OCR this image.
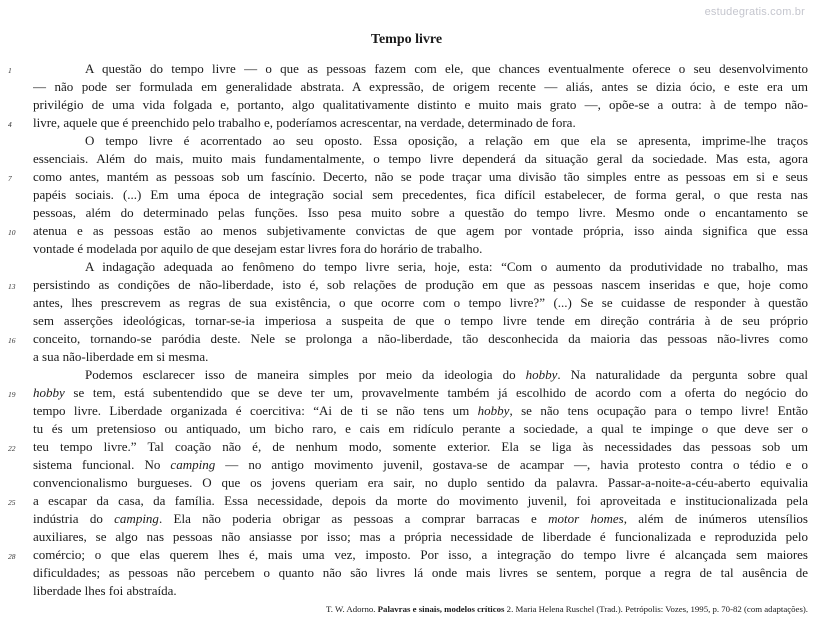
estudegratis.com.br
Tempo livre
1	A questão do tempo livre — o que as pessoas fazem com ele, que chances eventualmente oferece o seu desenvolvimento
— não pode ser formulada em generalidade abstrata. A expressão, de origem recente — aliás, antes se dizia ócio, e este era um
privilégio de uma vida folgada e, portanto, algo qualitativamente distinto e muito mais grato —, opõe-se a outra: à de tempo não-
4	livre, aquele que é preenchido pelo trabalho e, poderíamos acrescentar, na verdade, determinado de fora.
O tempo livre é acorrentado ao seu oposto. Essa oposição, a relação em que ela se apresenta, imprime-lhe traços
essenciais. Além do mais, muito mais fundamentalmente, o tempo livre dependerá da situação geral da sociedade. Mas esta, agora
7	como antes, mantém as pessoas sob um fascínio. Decerto, não se pode traçar uma divisão tão simples entre as pessoas em si e seus
papéis sociais. (...) Em uma época de integração social sem precedentes, fica difícil estabelecer, de forma geral, o que resta nas
pessoas, além do determinado pelas funções. Isso pesa muito sobre a questão do tempo livre. Mesmo onde o encantamento se
10	atenua e as pessoas estão ao menos subjetivamente convictas de que agem por vontade própria, isso ainda significa que essa
vontade é modelada por aquilo de que desejam estar livres fora do horário de trabalho.
A indagação adequada ao fenômeno do tempo livre seria, hoje, esta: “Com o aumento da produtividade no trabalho, mas
13	persistindo as condições de não-liberdade, isto é, sob relações de produção em que as pessoas nascem inseridas e que, hoje como
antes, lhes prescrevem as regras de sua existência, o que ocorre com o tempo livre?” (...) Se se cuidasse de responder à questão
sem asserções ideológicas, tornar-se-ia imperiosa a suspeita de que o tempo livre tende em direção contrária à de seu próprio
16	conceito, tornando-se paródia deste. Nele se prolonga a não-liberdade, tão desconhecida da maioria das pessoas não-livres como
a sua não-liberdade em si mesma.
Podemos esclarecer isso de maneira simples por meio da ideologia do hobby. Na naturalidade da pergunta sobre qual
19	hobby se tem, está subentendido que se deve ter um, provavelmente também já escolhido de acordo com a oferta do negócio do
tempo livre. Liberdade organizada é coercitiva: “Ai de ti se não tens um hobby, se não tens ocupação para o tempo livre! Então
tu és um pretensioso ou antiquado, um bicho raro, e cais em ridículo perante a sociedade, a qual te impinge o que deve ser o
22	teu tempo livre.” Tal coação não é, de nenhum modo, somente exterior. Ela se liga às necessidades das pessoas sob um
sistema funcional. No camping — no antigo movimento juvenil, gostava-se de acampar —, havia protesto contra o tédio e o
convencionalismo burgueses. O que os jovens queriam era sair, no duplo sentido da palavra. Passar-a-noite-a-céu-aberto equivalia
25	a escapar da casa, da família. Essa necessidade, depois da morte do movimento juvenil, foi aproveitada e institucionalizada pela
indústria do camping. Ela não poderia obrigar as pessoas a comprar barracas e motor homes, além de inúmeros utensílios
auxiliares, se algo nas pessoas não ansiasse por isso; mas a própria necessidade de liberdade é funcionalizada e reproduzida pelo
28	comércio; o que elas querem lhes é, mais uma vez, imposto. Por isso, a integração do tempo livre é alcançada sem maiores
dificuldades; as pessoas não percebem o quanto não são livres lá onde mais livres se sentem, porque a regra de tal ausência de
liberdade lhes foi abstraída.
T. W. Adorno. Palavras e sinais, modelos críticos 2. Maria Helena Ruschel (Trad.). Petrópolis: Vozes, 1995, p. 70-82 (com adaptações).
